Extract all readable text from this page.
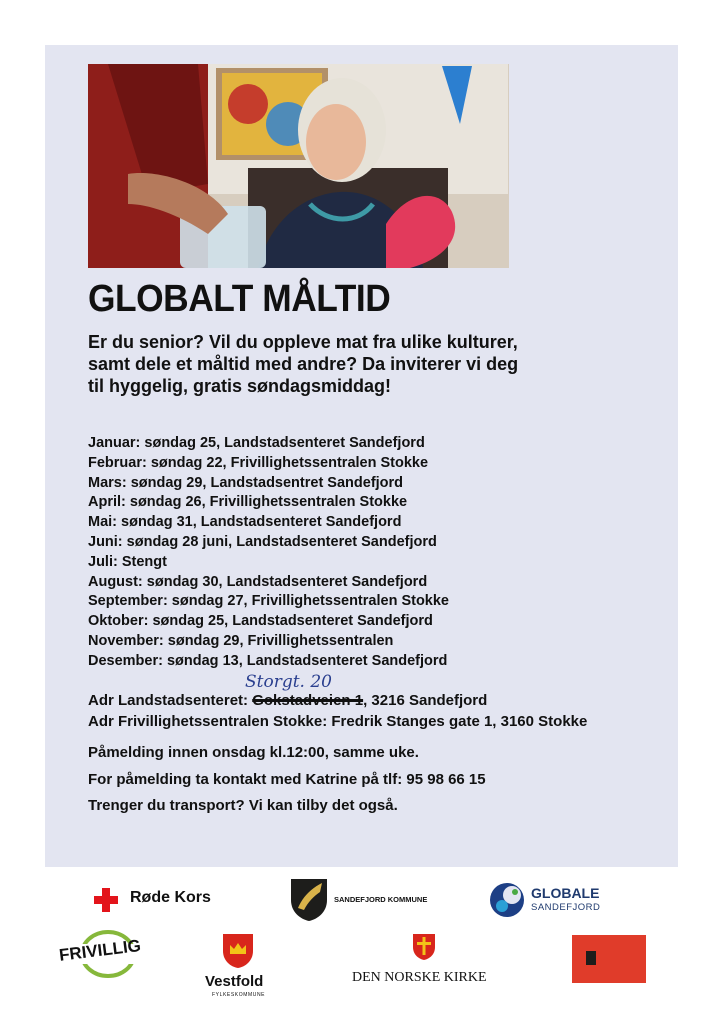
GLOBALT MÅLTID
Er du senior? Vil du oppleve mat fra ulike kulturer, samt dele et måltid med andre? Da inviterer vi deg til hyggelig, gratis søndagsmiddag!
Januar: søndag 25, Landstadsenteret Sandefjord
Februar: søndag 22, Frivillighetssentralen Stokke
Mars: søndag 29, Landstadsentret Sandefjord
April: søndag 26, Frivillighetssentralen Stokke
Mai: søndag 31, Landstadsenteret Sandefjord
Juni: søndag 28 juni, Landstadsenteret Sandefjord
Juli: Stengt
August: søndag 30, Landstadsenteret Sandefjord
September: søndag 27, Frivillighetssentralen Stokke
Oktober: søndag 25, Landstadsenteret Sandefjord
November: søndag 29, Frivillighetssentralen
Desember: søndag 13, Landstadsenteret Sandefjord
Storgt. 20
Adr Landstadsenteret: Gokstadveien 1, 3216 Sandefjord
Adr Frivillighetssentralen Stokke: Fredrik Stanges gate 1, 3160 Stokke
Påmelding innen onsdag kl.12:00, samme uke.
For påmelding ta kontakt med Katrine på tlf: 95 98 66 15
Trenger du transport? Vi kan tilby det også.
Røde Kors	SANDEFJORD KOMMUNE	GLOBALE
SANDEFJORD
FRIVILLIG
Vestfold
FYLKESKOMMUNE
DEN NORSKE KIRKE
